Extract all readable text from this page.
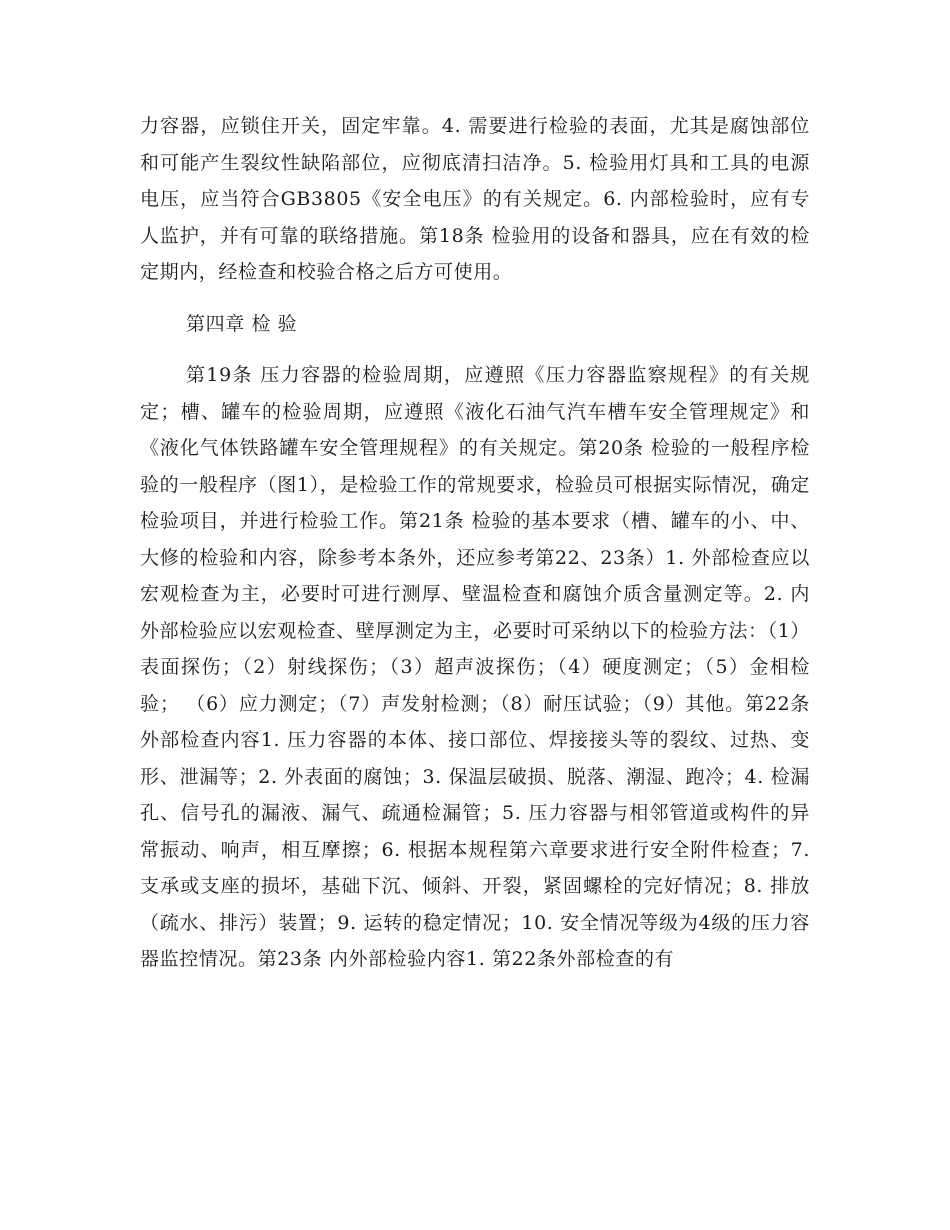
力容器，应锁住开关，固定牢靠。4. 需要进行检验的表面，尤其是腐蚀部位和可能产生裂纹性缺陷部位，应彻底清扫洁净。5. 检验用灯具和工具的电源电压，应当符合GB3805《安全电压》的有关规定。6. 内部检验时，应有专人监护，并有可靠的联络措施。第18条 检验用的设备和器具，应在有效的检定期内，经检查和校验合格之后方可使用。

第四章 检 验

第19条 压力容器的检验周期，应遵照《压力容器监察规程》的有关规定；槽、罐车的检验周期，应遵照《液化石油气汽车槽车安全管理规定》和《液化气体铁路罐车安全管理规程》的有关规定。第20条 检验的一般程序检验的一般程序（图1），是检验工作的常规要求，检验员可根据实际情况，确定检验项目，并进行检验工作。第21条 检验的基本要求（槽、罐车的小、中、大修的检验和内容，除参考本条外，还应参考第22、23条）1. 外部检查应以宏观检查为主，必要时可进行测厚、壁温检查和腐蚀介质含量测定等。2. 内外部检验应以宏观检查、壁厚测定为主，必要时可采纳以下的检验方法：（1）表面探伤；（2）射线探伤；（3）超声波探伤；（4）硬度测定；（5）金相检验； （6）应力测定；（7）声发射检测；（8）耐压试验；（9）其他。第22条 外部检查内容1. 压力容器的本体、接口部位、焊接接头等的裂纹、过热、变形、泄漏等；2. 外表面的腐蚀；3. 保温层破损、脱落、潮湿、跑冷；4. 检漏孔、信号孔的漏液、漏气、疏通检漏管；5. 压力容器与相邻管道或构件的异常振动、响声，相互摩擦；6. 根据本规程第六章要求进行安全附件检查；7. 支承或支座的损坏，基础下沉、倾斜、开裂，紧固螺栓的完好情况；8. 排放（疏水、排污）装置；9. 运转的稳定情况；10. 安全情况等级为4级的压力容器监控情况。第23条 内外部检验内容1. 第22条外部检查的有
